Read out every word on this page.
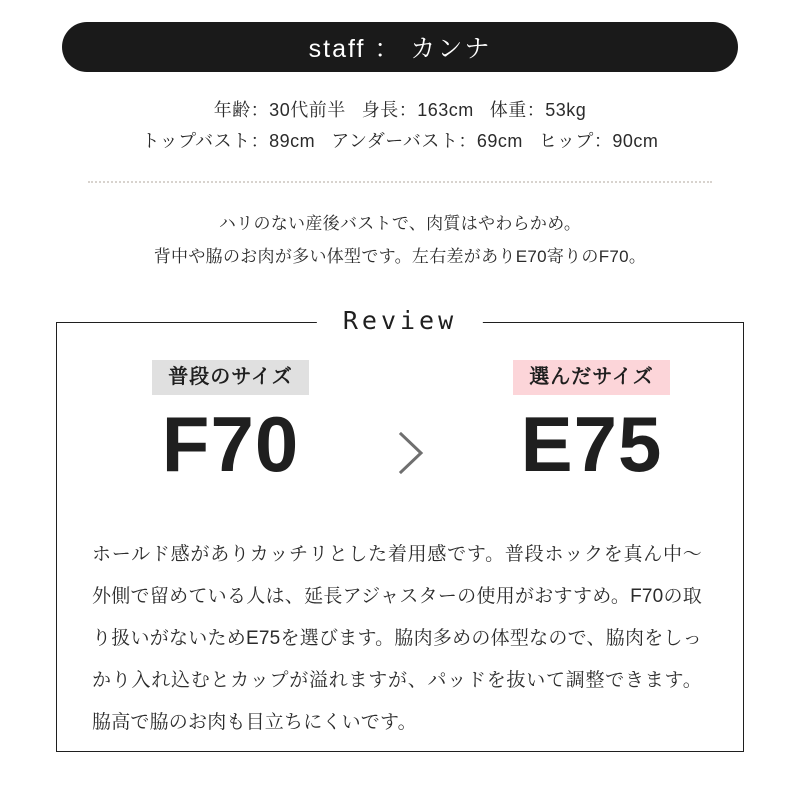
staff ： カンナ
年齢：30代前半 身長：163cm 体重：53kg
トップバスト：89cm アンダーバスト：69cm ヒップ：90cm

ハリのない産後バストで、肉質はやわらかめ。

背中や脇のお肉が多い体型です。左右差がありE70寄りのF70。

Review
普段のサイズ
F70
選んだサイズ
E75

ホールド感がありカッチリとした着用感です。普段ホックを真ん中〜外側で留めている人は、延長アジャスターの使用がおすすめ。F70の取り扱いがないためE75を選びます。脇肉多めの体型なので、脇肉をしっかり入れ込むとカップが溢れますが、パッドを抜いて調整できます。脇高で脇のお肉も目立ちにくいです。
